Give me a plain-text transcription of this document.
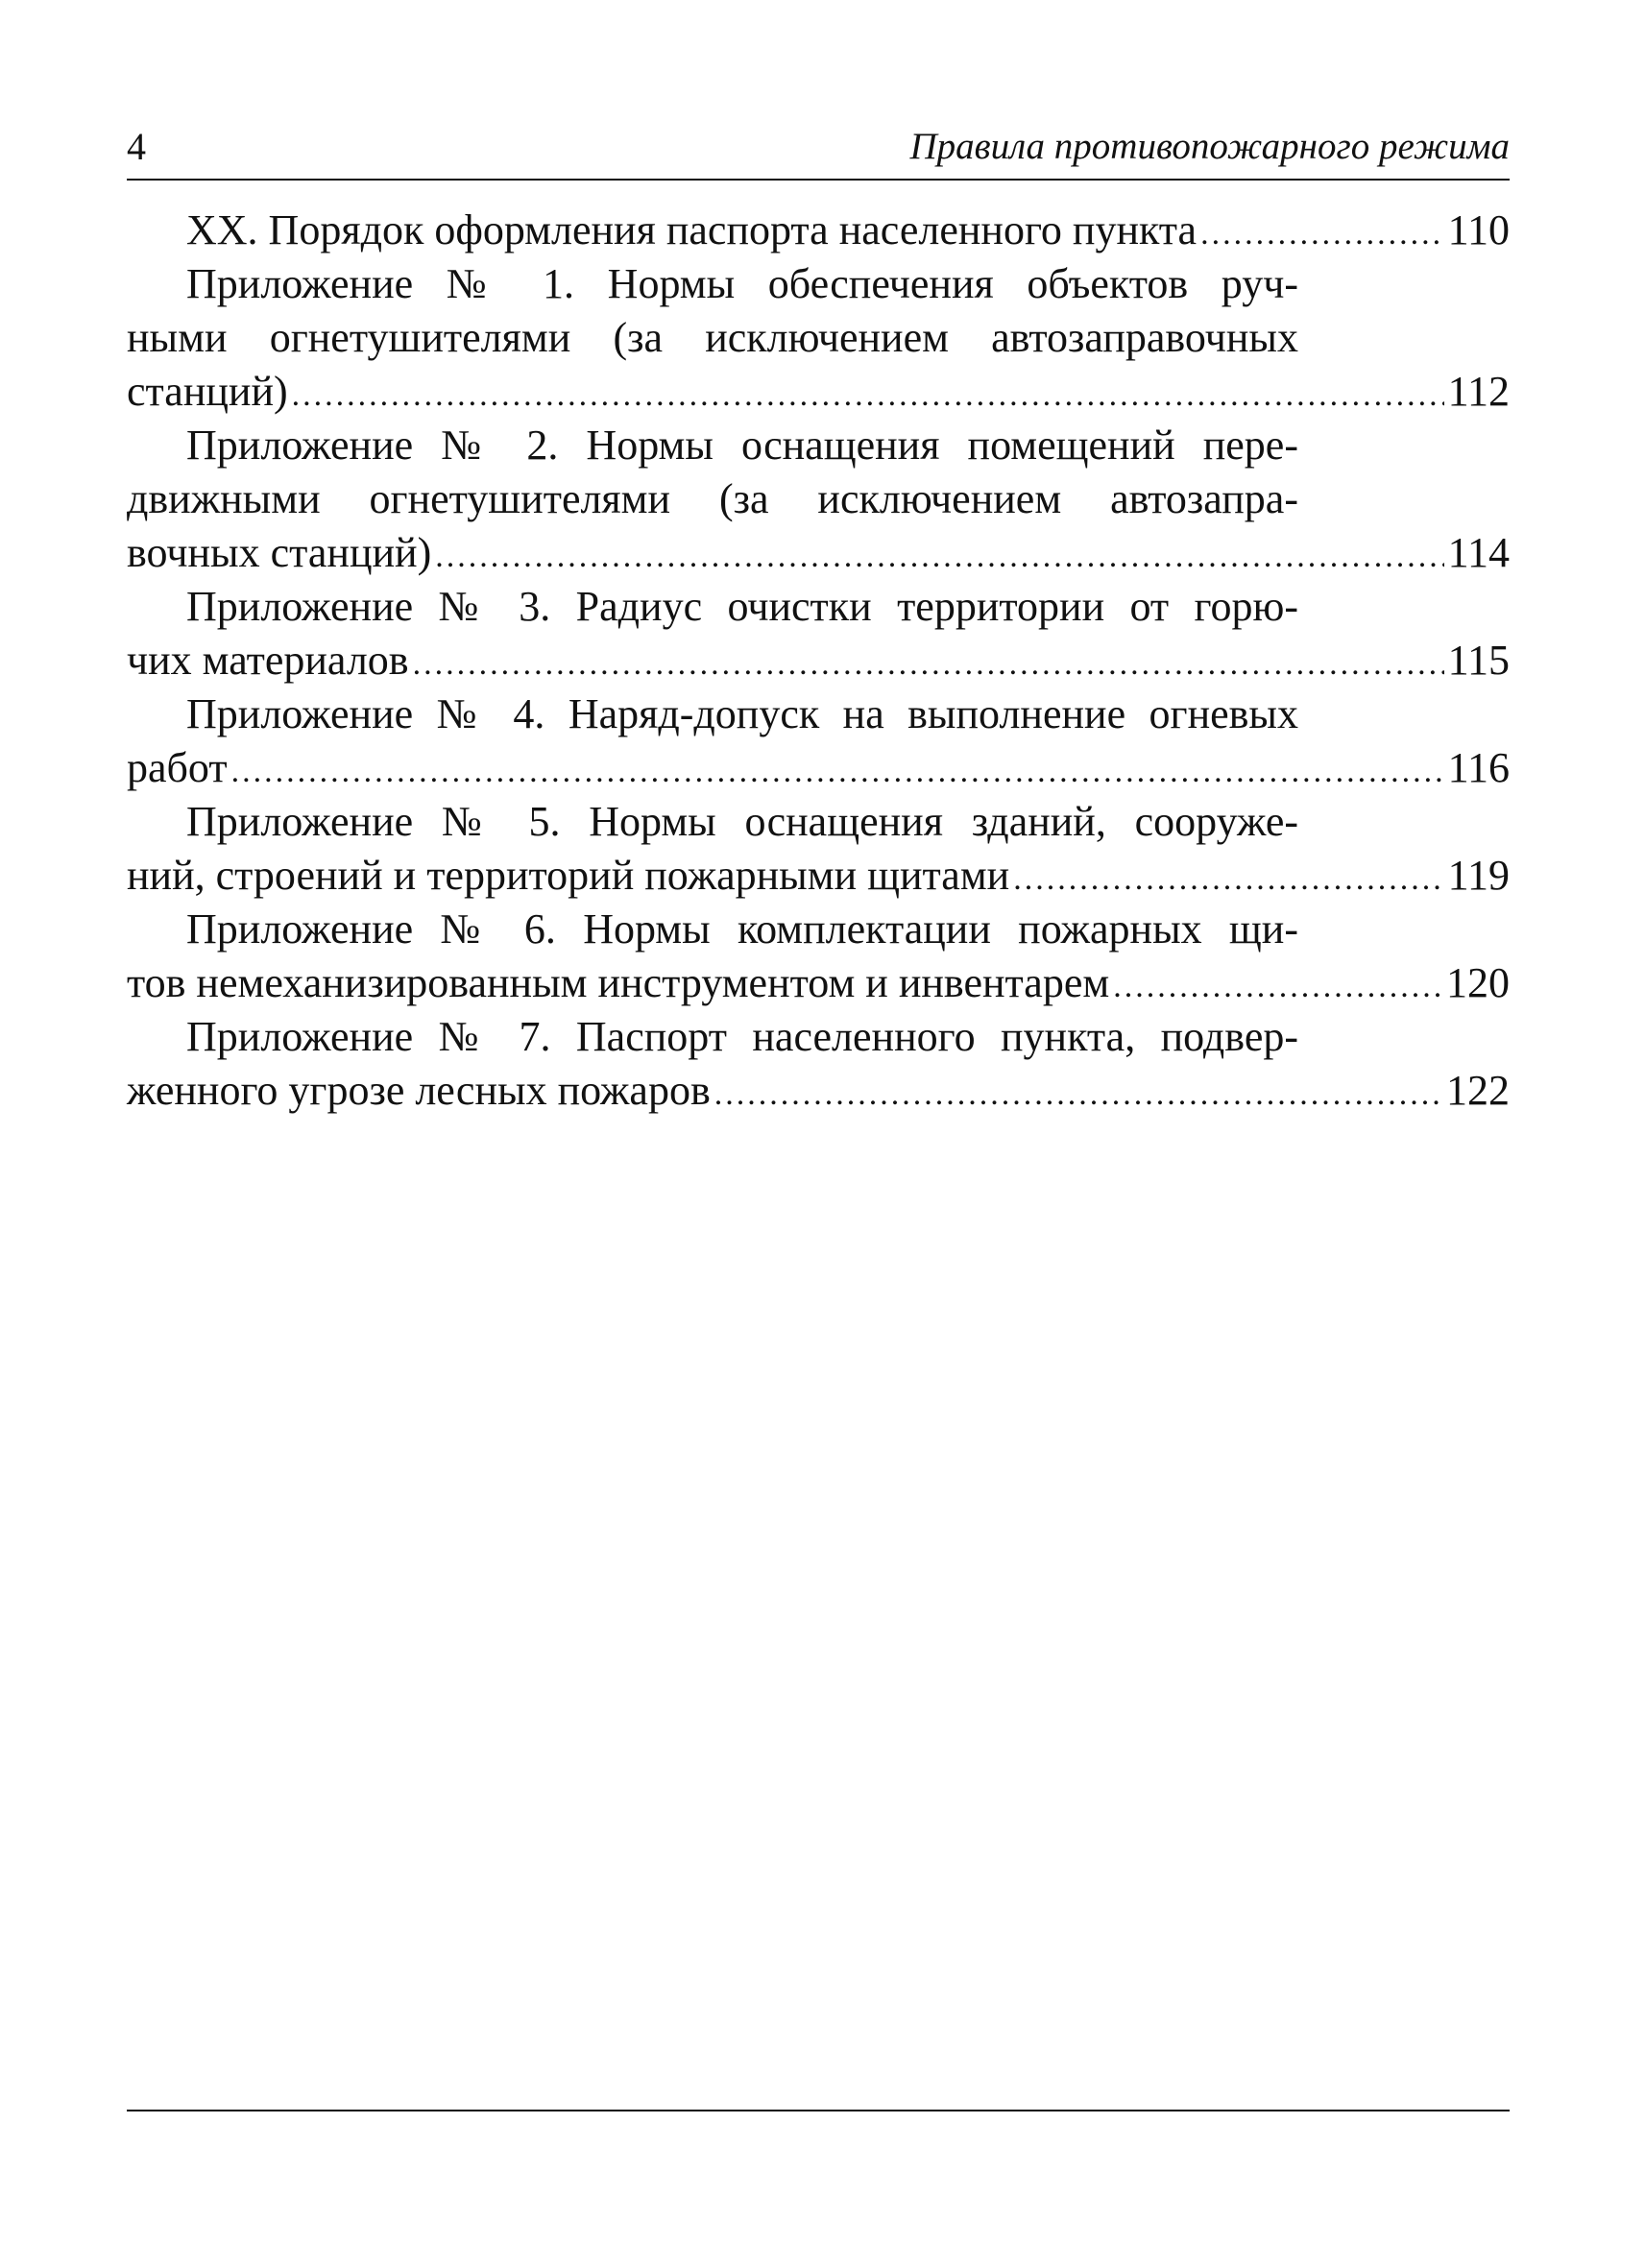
4	Правила противопожарного режима
XX. Порядок оформления паспорта населенного пункта .....	110
Приложение № 1. Нормы обеспечения объектов руч-
ными огнетушителями (за исключением автозаправочных
станций) .....	112
Приложение № 2. Нормы оснащения помещений пере-
движными огнетушителями (за исключением автозапра-
вочных станций) .....	114
Приложение № 3. Радиус очистки территории от горю-
чих материалов .....	115
Приложение № 4. Наряд-допуск на выполнение огневых
работ .....	116
Приложение № 5. Нормы оснащения зданий, сооруже-
ний, строений и территорий пожарными щитами .....	119
Приложение № 6. Нормы комплектации пожарных щи-
тов немеханизированным инструментом и инвентарем .....	120
Приложение № 7. Паспорт населенного пункта, подвер-
женного угрозе лесных пожаров .....	122
